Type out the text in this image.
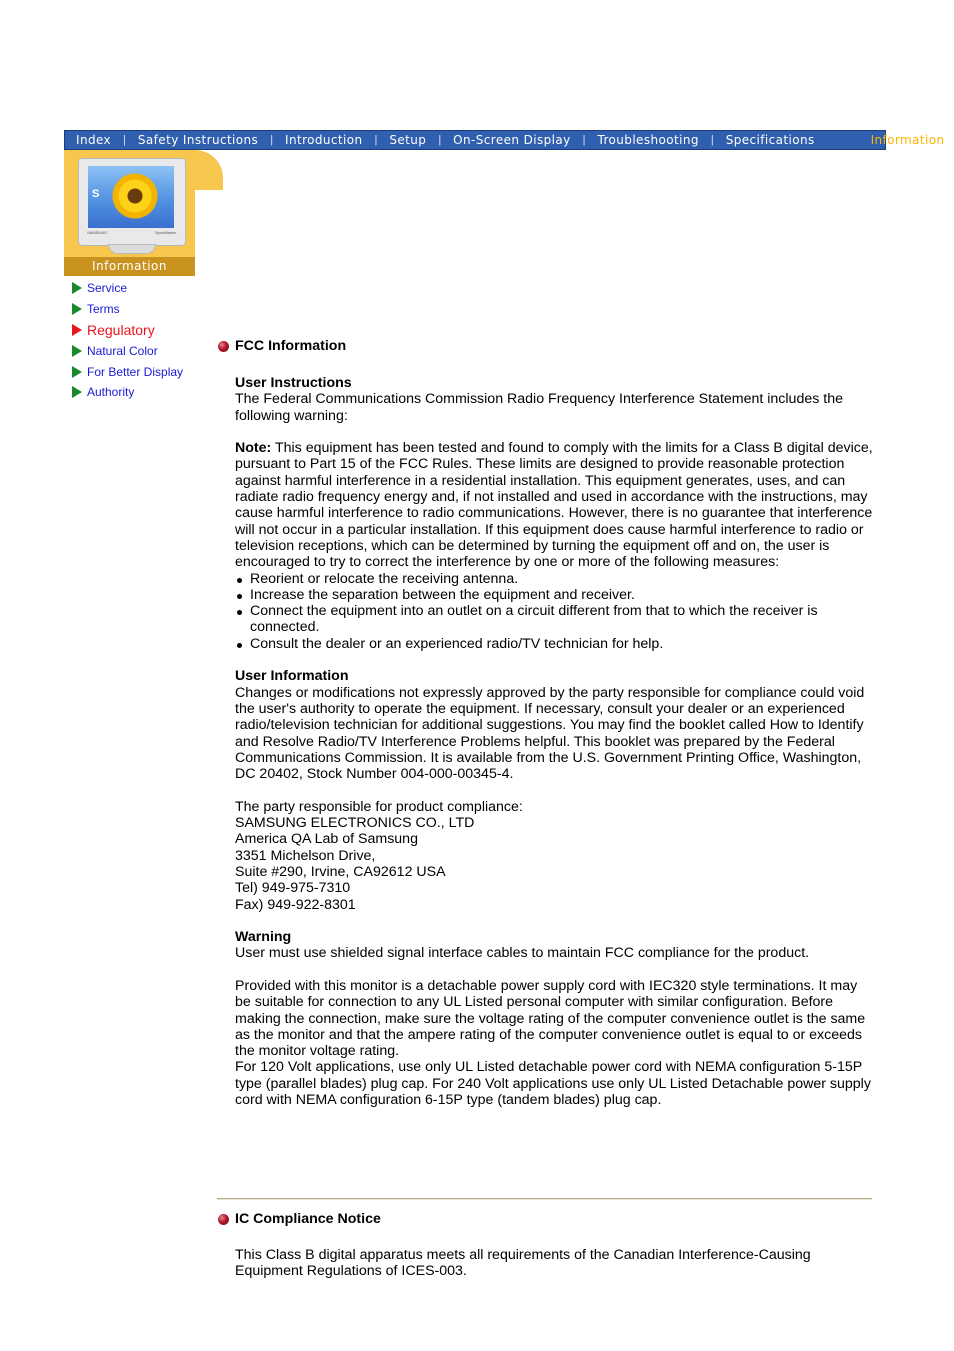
Index | Safety Instructions | Introduction | Setup | On-Screen Display | Troubleshooting | Specifications	Information
S
SAMSUNG	SyncMaster
Information
Service
Terms
Regulatory
Natural Color
For Better Display
Authority
FCC Information

User Instructions

The Federal Communications Commission Radio Frequency Interference Statement includes the following warning:

Note: This equipment has been tested and found to comply with the limits for a Class B digital device, pursuant to Part 15 of the FCC Rules. These limits are designed to provide reasonable protection against harmful interference in a residential installation. This equipment generates, uses, and can radiate radio frequency energy and, if not installed and used in accordance with the instructions, may cause harmful interference to radio communications. However, there is no guarantee that interference will not occur in a particular installation. If this equipment does cause harmful interference to radio or television receptions, which can be determined by turning the equipment off and on, the user is encouraged to try to correct the interference by one or more of the following measures:

Reorient or relocate the receiving antenna.
Increase the separation between the equipment and receiver.
Connect the equipment into an outlet on a circuit different from that to which the receiver is connected.
Consult the dealer or an experienced radio/TV technician for help.

User Information

Changes or modifications not expressly approved by the party responsible for compliance could void the user's authority to operate the equipment. If necessary, consult your dealer or an experienced radio/television technician for additional suggestions. You may find the booklet called How to Identify and Resolve Radio/TV Interference Problems helpful. This booklet was prepared by the Federal Communications Commission. It is available from the U.S. Government Printing Office, Washington, DC 20402, Stock Number 004-000-00345-4.

The party responsible for product compliance:

SAMSUNG ELECTRONICS CO., LTD

America QA Lab of Samsung

3351 Michelson Drive,

Suite #290, Irvine, CA92612 USA

Tel) 949-975-7310

Fax) 949-922-8301

Warning

User must use shielded signal interface cables to maintain FCC compliance for the product.

Provided with this monitor is a detachable power supply cord with IEC320 style terminations. It may be suitable for connection to any UL Listed personal computer with similar configuration. Before making the connection, make sure the voltage rating of the computer convenience outlet is the same as the monitor and that the ampere rating of the computer convenience outlet is equal to or exceeds the monitor voltage rating.

For 120 Volt applications, use only UL Listed detachable power cord with NEMA configuration 5-15P type (parallel blades) plug cap. For 240 Volt applications use only UL Listed Detachable power supply cord with NEMA configuration 6-15P type (tandem blades) plug cap.

IC Compliance Notice

This Class B digital apparatus meets all requirements of the Canadian Interference-Causing Equipment Regulations of ICES-003.
